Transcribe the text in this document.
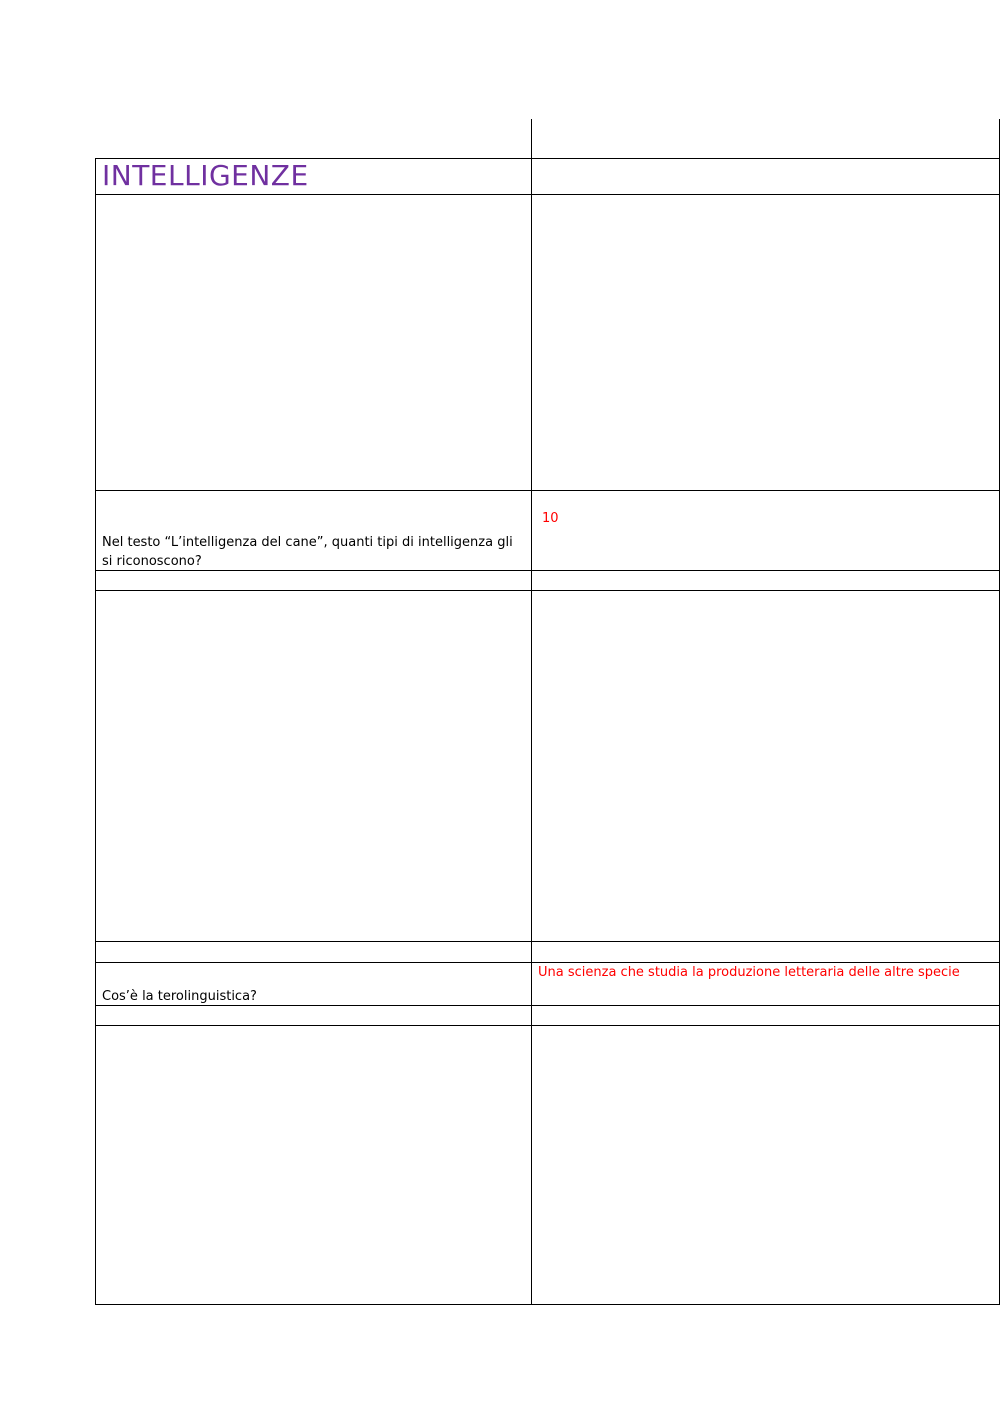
INTELLIGENZE
Nel testo “L’intelligenza del cane”, quanti tipi di intelligenza gli si riconoscono?
10
Cos’è la terolinguistica?
Una scienza che studia la produzione letteraria delle altre specie
